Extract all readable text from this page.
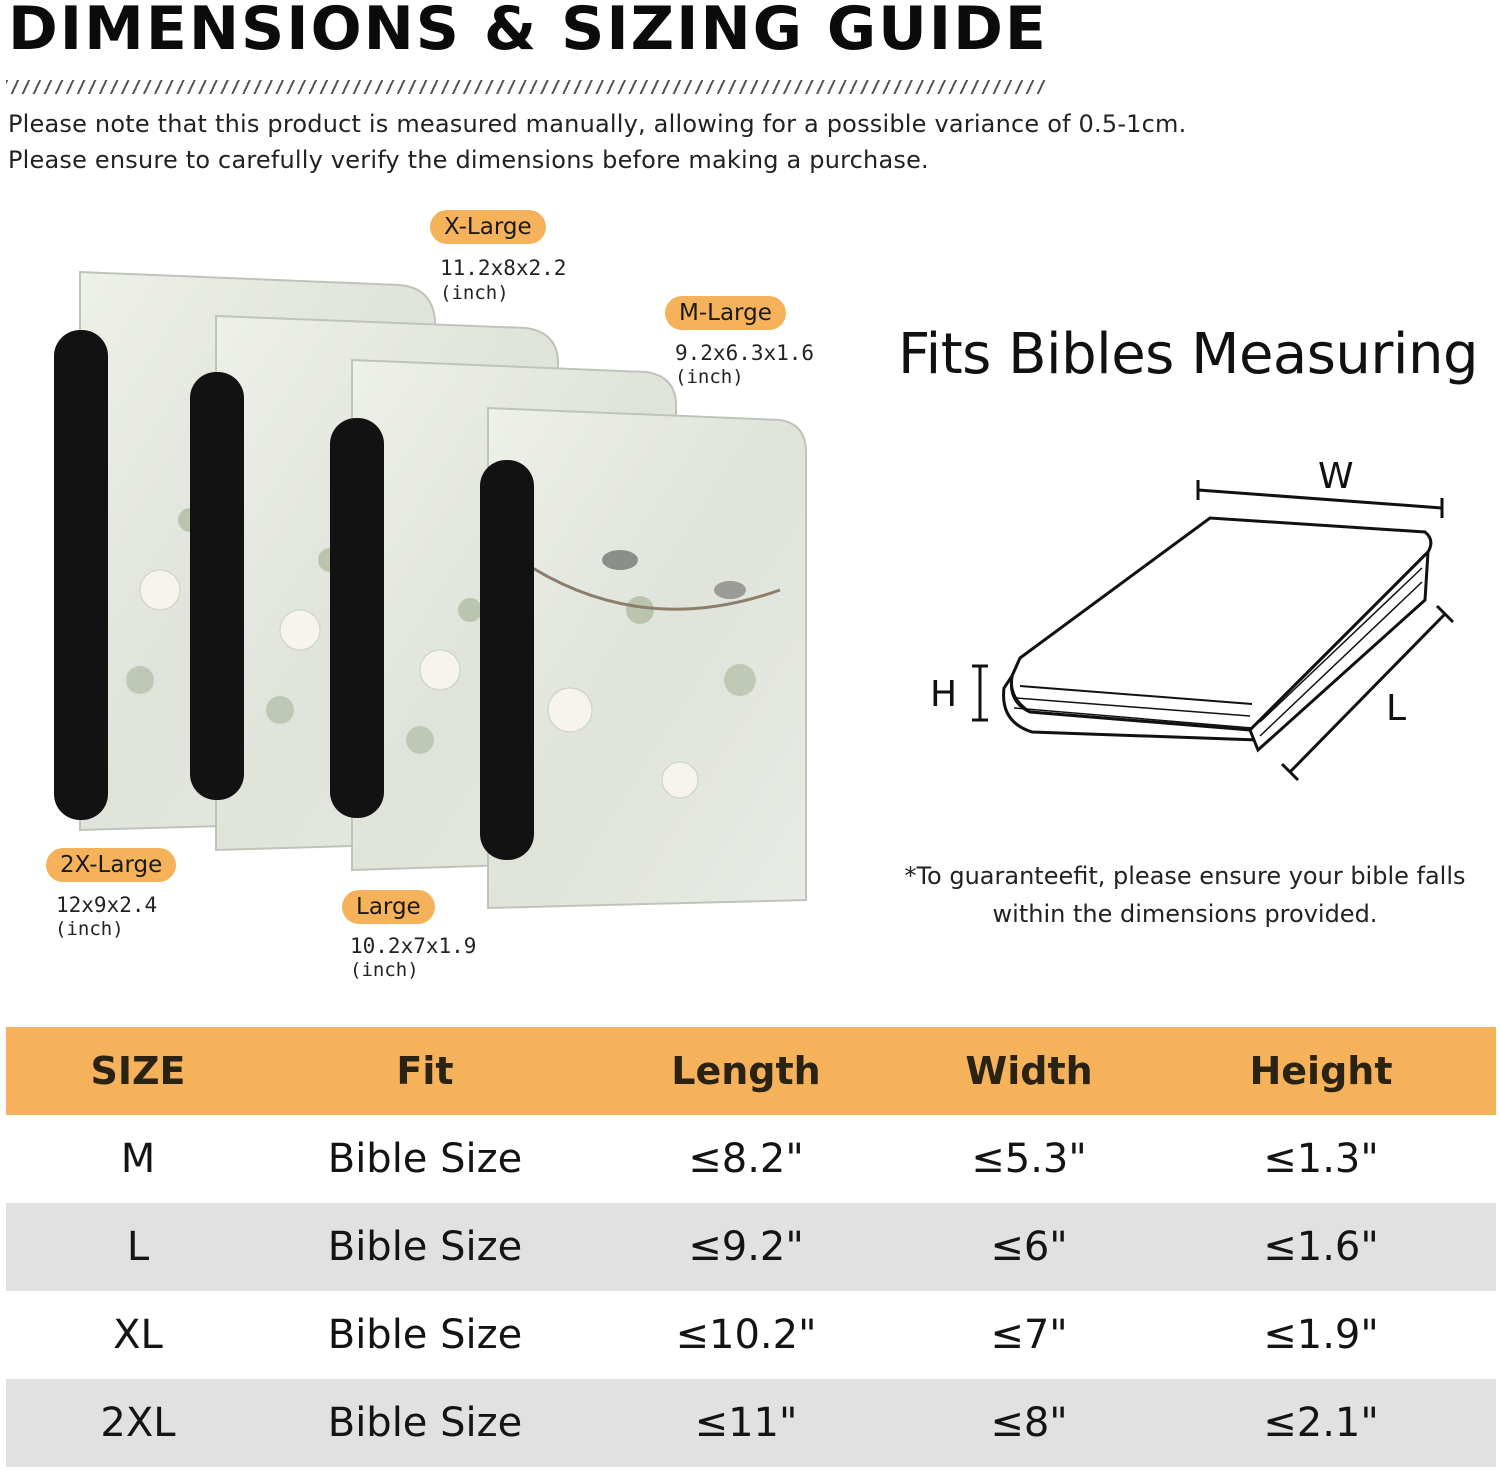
DIMENSIONS & SIZING GUIDE
Please note that this product is measured manually, allowing for a possible variance of 0.5-1cm.
Please ensure to carefully verify the dimensions before making a purchase.
X-Large
11.2x8x2.2
(inch)
M-Large
9.2x6.3x1.6
(inch)
2X-Large
12x9x2.4
(inch)
Large
10.2x7x1.9
(inch)
Fits Bibles Measuring
W
H	L
*To guaranteefit, please ensure your bible falls
within the dimensions provided.
SIZE	Fit	Length	Width	Height
M	Bible Size	≤8.2"	≤5.3"	≤1.3"
L	Bible Size	≤9.2"	≤6"	≤1.6"
XL	Bible Size	≤10.2"	≤7"	≤1.9"
2XL	Bible Size	≤11"	≤8"	≤2.1"
